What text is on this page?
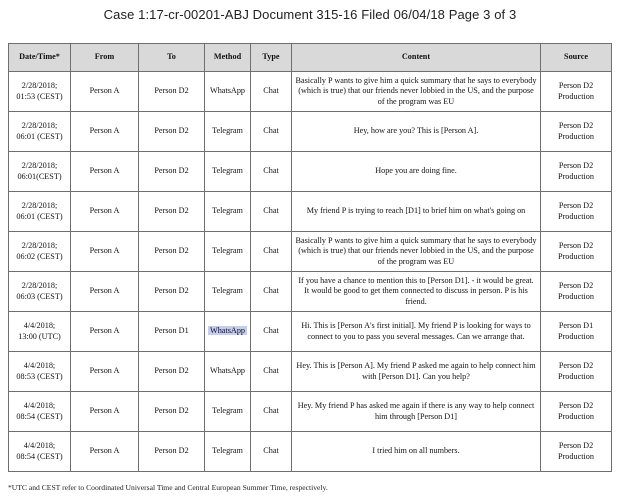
Case 1:17-cr-00201-ABJ Document 315-16 Filed 06/04/18 Page 3 of 3
Date/Time*	From	To	Method	Type	Content	Source
2/28/2018;
01:53 (CEST)	Person A	Person D2	WhatsApp	Chat	Basically P wants to give him a quick summary that he says to everybody (which is true) that our friends never lobbied in the US, and the purpose of the program was EU	Person D2
Production
2/28/2018;
06:01 (CEST)	Person A	Person D2	Telegram	Chat	Hey, how are you? This is [Person A].	Person D2
Production
2/28/2018;
06:01(CEST)	Person A	Person D2	Telegram	Chat	Hope you are doing fine.	Person D2
Production
2/28/2018;
06:01 (CEST)	Person A	Person D2	Telegram	Chat	My friend P is trying to reach [D1] to brief him on what's going on	Person D2
Production
2/28/2018;
06:02 (CEST)	Person A	Person D2	Telegram	Chat	Basically P wants to give him a quick summary that he says to everybody (which is true) that our friends never lobbied in the US, and the purpose of the program was EU	Person D2
Production
2/28/2018;
06:03 (CEST)	Person A	Person D2	Telegram	Chat	If you have a chance to mention this to [Person D1]. - it would be great. It would be good to get them connected to discuss in person. P is his friend.	Person D2
Production
4/4/2018;
13:00 (UTC)	Person A	Person D1	WhatsApp	Chat	Hi. This is [Person A's first initial]. My friend P is looking for ways to connect to you to pass you several messages. Can we arrange that.	Person D1
Production
4/4/2018;
08:53 (CEST)	Person A	Person D2	WhatsApp	Chat	Hey. This is [Person A]. My friend P asked me again to help connect him with [Person D1]. Can you help?	Person D2
Production
4/4/2018;
08:54 (CEST)	Person A	Person D2	Telegram	Chat	Hey. My friend P has asked me again if there is any way to help connect him through [Person D1]	Person D2
Production
4/4/2018;
08:54 (CEST)	Person A	Person D2	Telegram	Chat	I tried him on all numbers.	Person D2
Production
*UTC and CEST refer to Coordinated Universal Time and Central European Summer Time, respectively.
